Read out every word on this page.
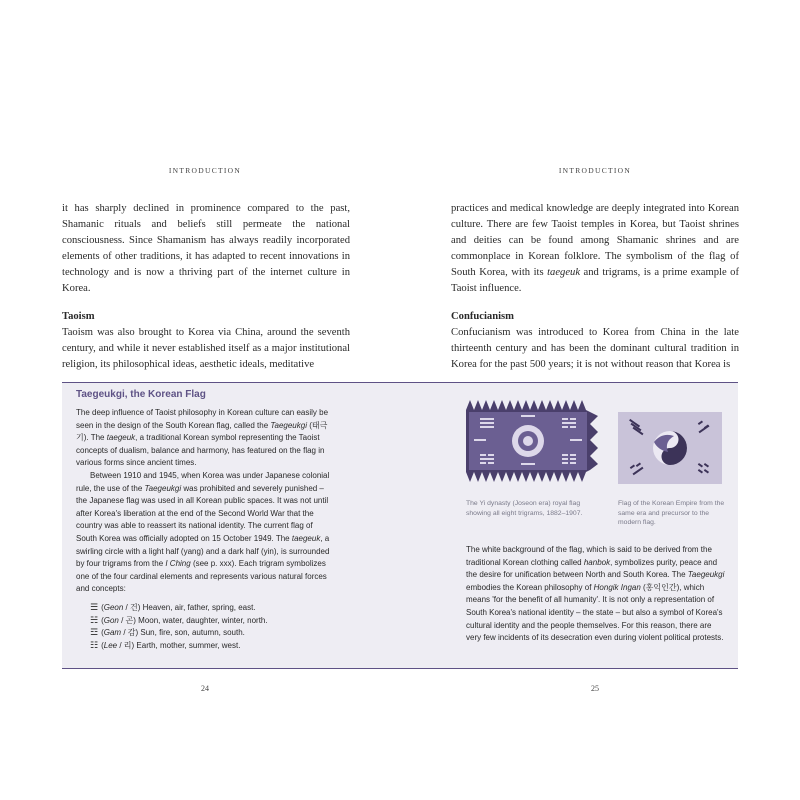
INTRODUCTION

it has sharply declined in prominence compared to the past, Shamanic rituals and beliefs still permeate the national consciousness. Since Shamanism has always readily incorporated elements of other traditions, it has adapted to recent innovations in technology and is now a thriving part of the internet culture in Korea.

Taoism

Taoism was also brought to Korea via China, around the seventh century, and while it never established itself as a major institutional religion, its philosophical ideas, aesthetic ideals, meditative

INTRODUCTION

practices and medical knowledge are deeply integrated into Korean culture. There are few Taoist temples in Korea, but Taoist shrines and deities can be found among Shamanic shrines and are commonplace in Korean folklore. The symbolism of the flag of South Korea, with its taegeuk and trigrams, is a prime example of Taoist influence.

Confucianism

Confucianism was introduced to Korea from China in the late thirteenth century and has been the dominant cultural tradition in Korea for the past 500 years; it is not without reason that Korea is

Taegeukgi, the Korean Flag

The deep influence of Taoist philosophy in Korean culture can easily be seen in the design of the South Korean flag, called the Taegeukgi (태극기). The taegeuk, a traditional Korean symbol representing the Taoist concepts of dualism, balance and harmony, has featured on the flag in various forms since ancient times.

Between 1910 and 1945, when Korea was under Japanese colonial rule, the use of the Taegeukgi was prohibited and severely punished – the Japanese flag was used in all Korean public spaces. It was not until after Korea's liberation at the end of the Second World War that the country was able to reassert its national identity. The current flag of South Korea was officially adopted on 15 October 1949. The taegeuk, a swirling circle with a light half (yang) and a dark half (yin), is surrounded by four trigrams from the I Ching (see p. xxx). Each trigram symbolizes one of the four cardinal elements and represents various natural forces and concepts:

☰ (Geon / 건) Heaven, air, father, spring, east.
☵ (Gon / 곤) Moon, water, daughter, winter, north.
☲ (Gam / 감) Sun, fire, son, autumn, south.
☷ (Lee / 리) Earth, mother, summer, west.
The Yi dynasty (Joseon era) royal flag showing all eight trigrams, 1882–1907.
Flag of the Korean Empire from the same era and precursor to the modern flag.

The white background of the flag, which is said to be derived from the traditional Korean clothing called hanbok, symbolizes purity, peace and the desire for unification between North and South Korea. The Taegeukgi embodies the Korean philosophy of Hongik Ingan (홍익인간), which means 'for the benefit of all humanity'. It is not only a representation of South Korea's national identity – the state – but also a symbol of Korea's cultural identity and the people themselves. For this reason, there are very few incidents of its desecration even during violent political protests.

24	25
